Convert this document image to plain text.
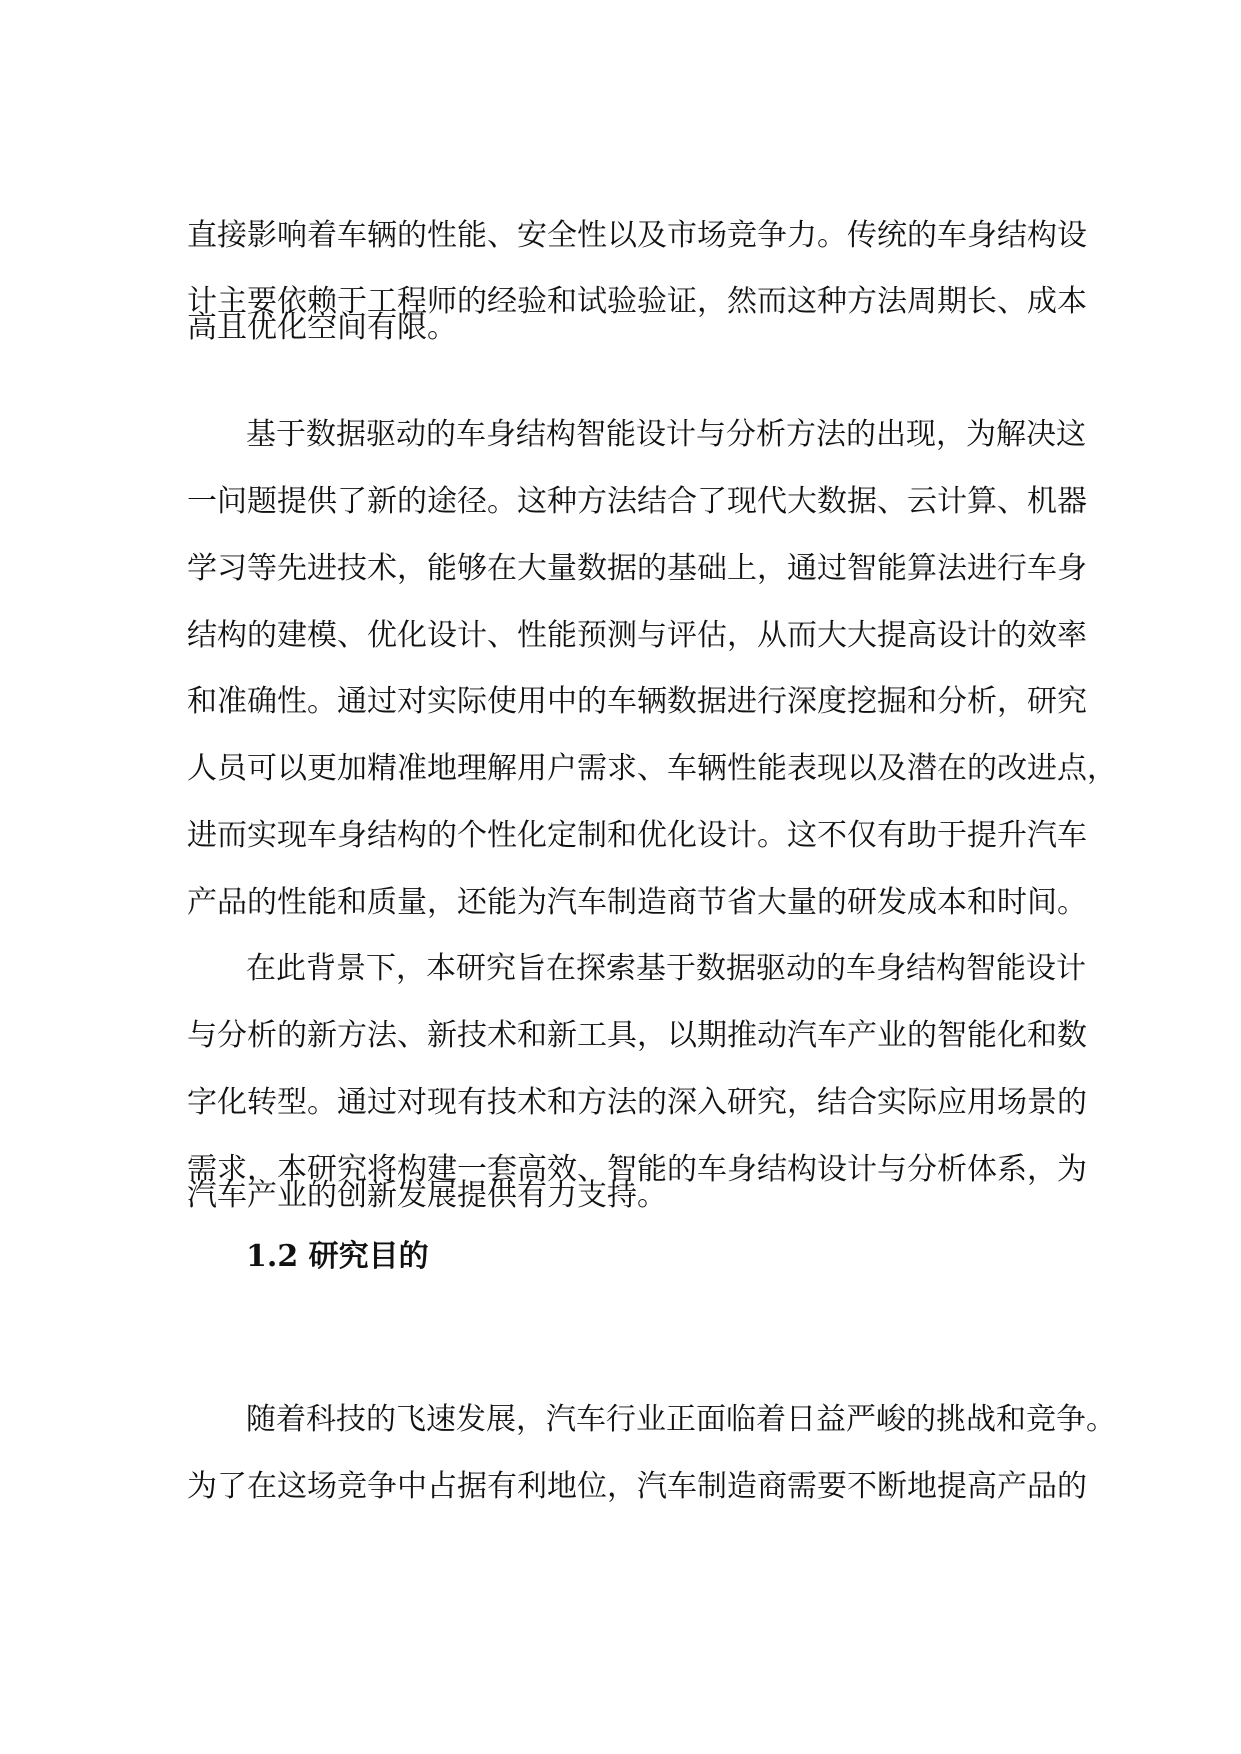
直接影响着车辆的性能、安全性以及市场竞争力。传统的车身结构设

计主要依赖于工程师的经验和试验验证，然而这种方法周期长、成本

高且优化空间有限。

基于数据驱动的车身结构智能设计与分析方法的出现，为解决这

一问题提供了新的途径。这种方法结合了现代大数据、云计算、机器

学习等先进技术，能够在大量数据的基础上，通过智能算法进行车身

结构的建模、优化设计、性能预测与评估，从而大大提高设计的效率

和准确性。通过对实际使用中的车辆数据进行深度挖掘和分析，研究

人员可以更加精准地理解用户需求、车辆性能表现以及潜在的改进点，

进而实现车身结构的个性化定制和优化设计。这不仅有助于提升汽车

产品的性能和质量，还能为汽车制造商节省大量的研发成本和时间。

在此背景下，本研究旨在探索基于数据驱动的车身结构智能设计

与分析的新方法、新技术和新工具，以期推动汽车产业的智能化和数

字化转型。通过对现有技术和方法的深入研究，结合实际应用场景的

需求，本研究将构建一套高效、智能的车身结构设计与分析体系，为

汽车产业的创新发展提供有力支持。

1.2 研究目的

随着科技的飞速发展，汽车行业正面临着日益严峻的挑战和竞争。

为了在这场竞争中占据有利地位，汽车制造商需要不断地提高产品的
